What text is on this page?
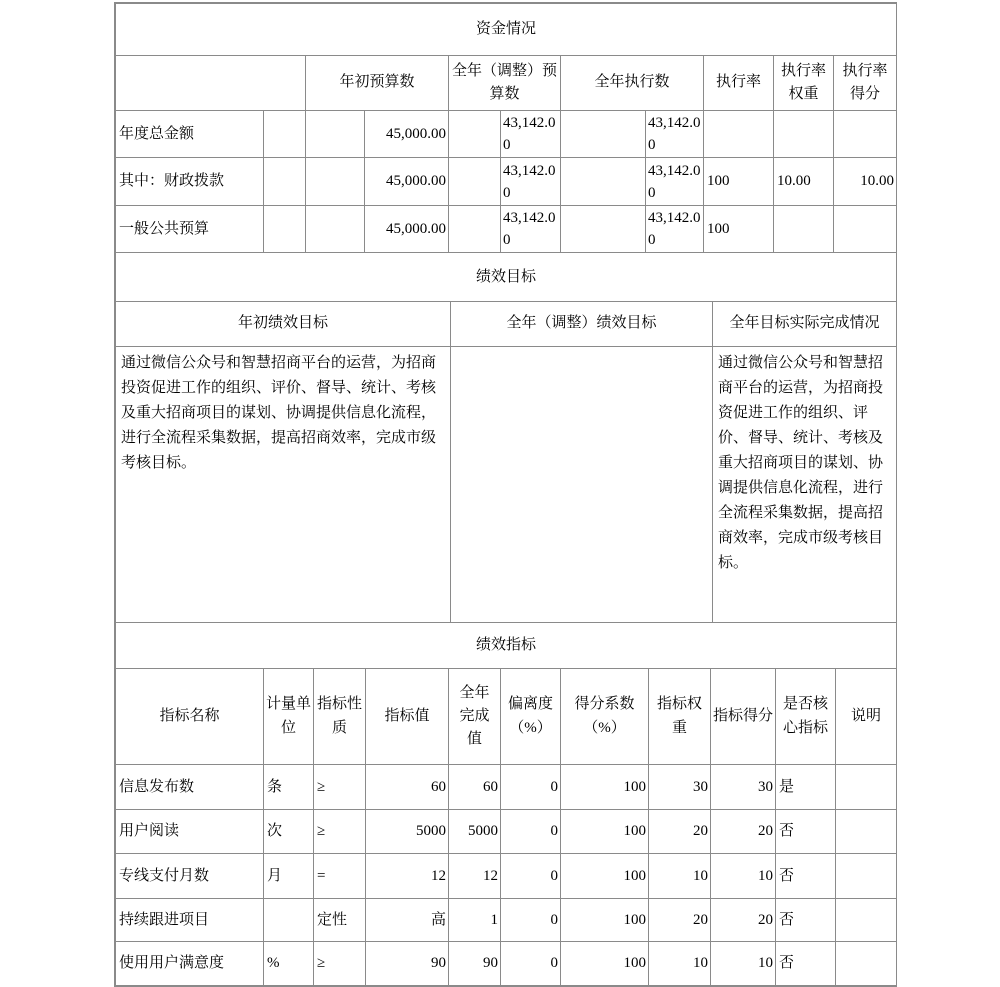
资金情况										
		年初预算数		全年（调整）预算数		全年执行数		执行率	执行率权重	执行率得分
年度总金额			45,000.00		43,142.00		43,142.00			
其中：财政拨款			45,000.00		43,142.00		43,142.00	100	10.00	10.00
一般公共预算			45,000.00		43,142.00		43,142.00	100		
绩效目标		
年初绩效目标	全年（调整）绩效目标	全年目标实际完成情况
通过微信公众号和智慧招商平台的运营，为招商投资促进工作的组织、评价、督导、统计、考核及重大招商项目的谋划、协调提供信息化流程，进行全流程采集数据，提高招商效率，完成市级考核目标。		通过微信公众号和智慧招商平台的运营，为招商投资促进工作的组织、评价、督导、统计、考核及重大招商项目的谋划、协调提供信息化流程，进行全流程采集数据，提高招商效率，完成市级考核目标。
绩效指标										
指标名称	计量单位	指标性质	指标值	全年完成值	偏离度（%）	得分系数（%）	指标权重	指标得分	是否核心指标	说明
信息发布数	条	≥	60	60	0	100	30	30	是	
用户阅读	次	≥	5000	5000	0	100	20	20	否	
专线支付月数	月	=	12	12	0	100	10	10	否	
持续跟进项目		定性	高	1	0	100	20	20	否	
使用用户满意度	%	≥	90	90	0	100	10	10	否	
